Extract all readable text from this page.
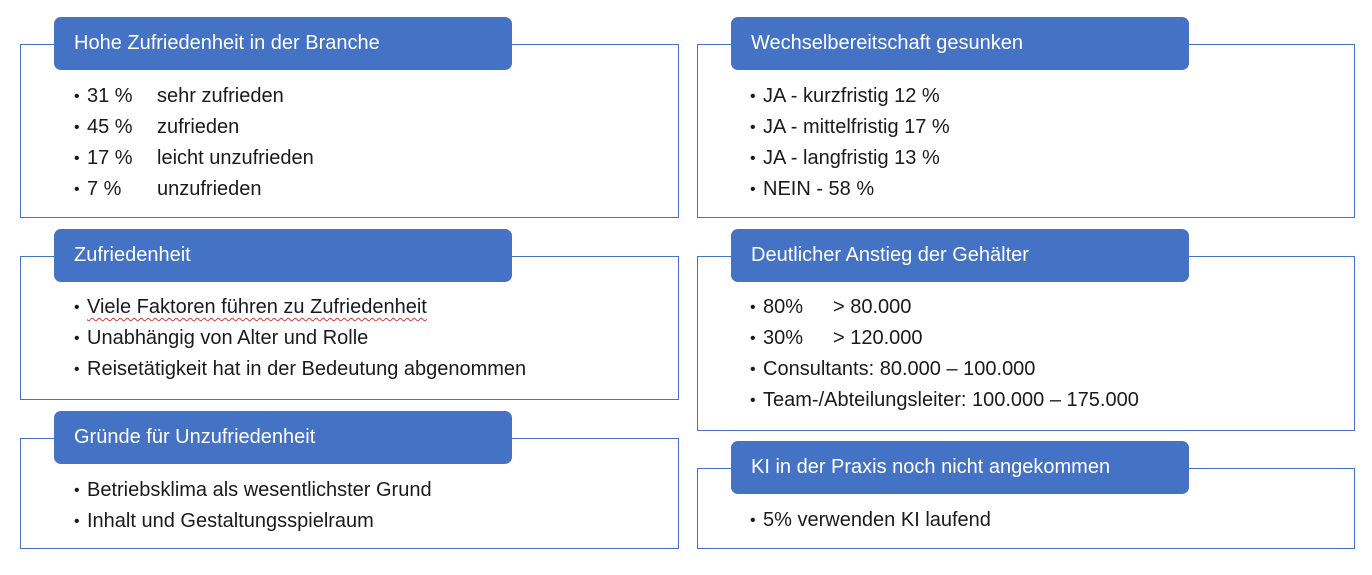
Hohe Zufriedenheit in der Branche
• 31 %	sehr zufrieden
• 45 %	zufrieden
• 17 %	leicht unzufrieden
• 7 %	unzufrieden
Zufriedenheit
• Viele Faktoren führen zu Zufriedenheit
• Unabhängig von Alter und Rolle
• Reisetätigkeit hat in der Bedeutung abgenommen
Gründe für Unzufriedenheit
• Betriebsklima als wesentlichster Grund
• Inhalt und Gestaltungsspielraum
Wechselbereitschaft gesunken
• JA - kurzfristig 12 %
• JA - mittelfristig 17 %
• JA - langfristig 13 %
• NEIN - 58 %
Deutlicher Anstieg der Gehälter
• 80%	> 80.000
• 30%	> 120.000
• Consultants: 80.000 – 100.000
• Team-/Abteilungsleiter: 100.000 – 175.000
KI in der Praxis noch nicht angekommen
• 5% verwenden KI laufend
